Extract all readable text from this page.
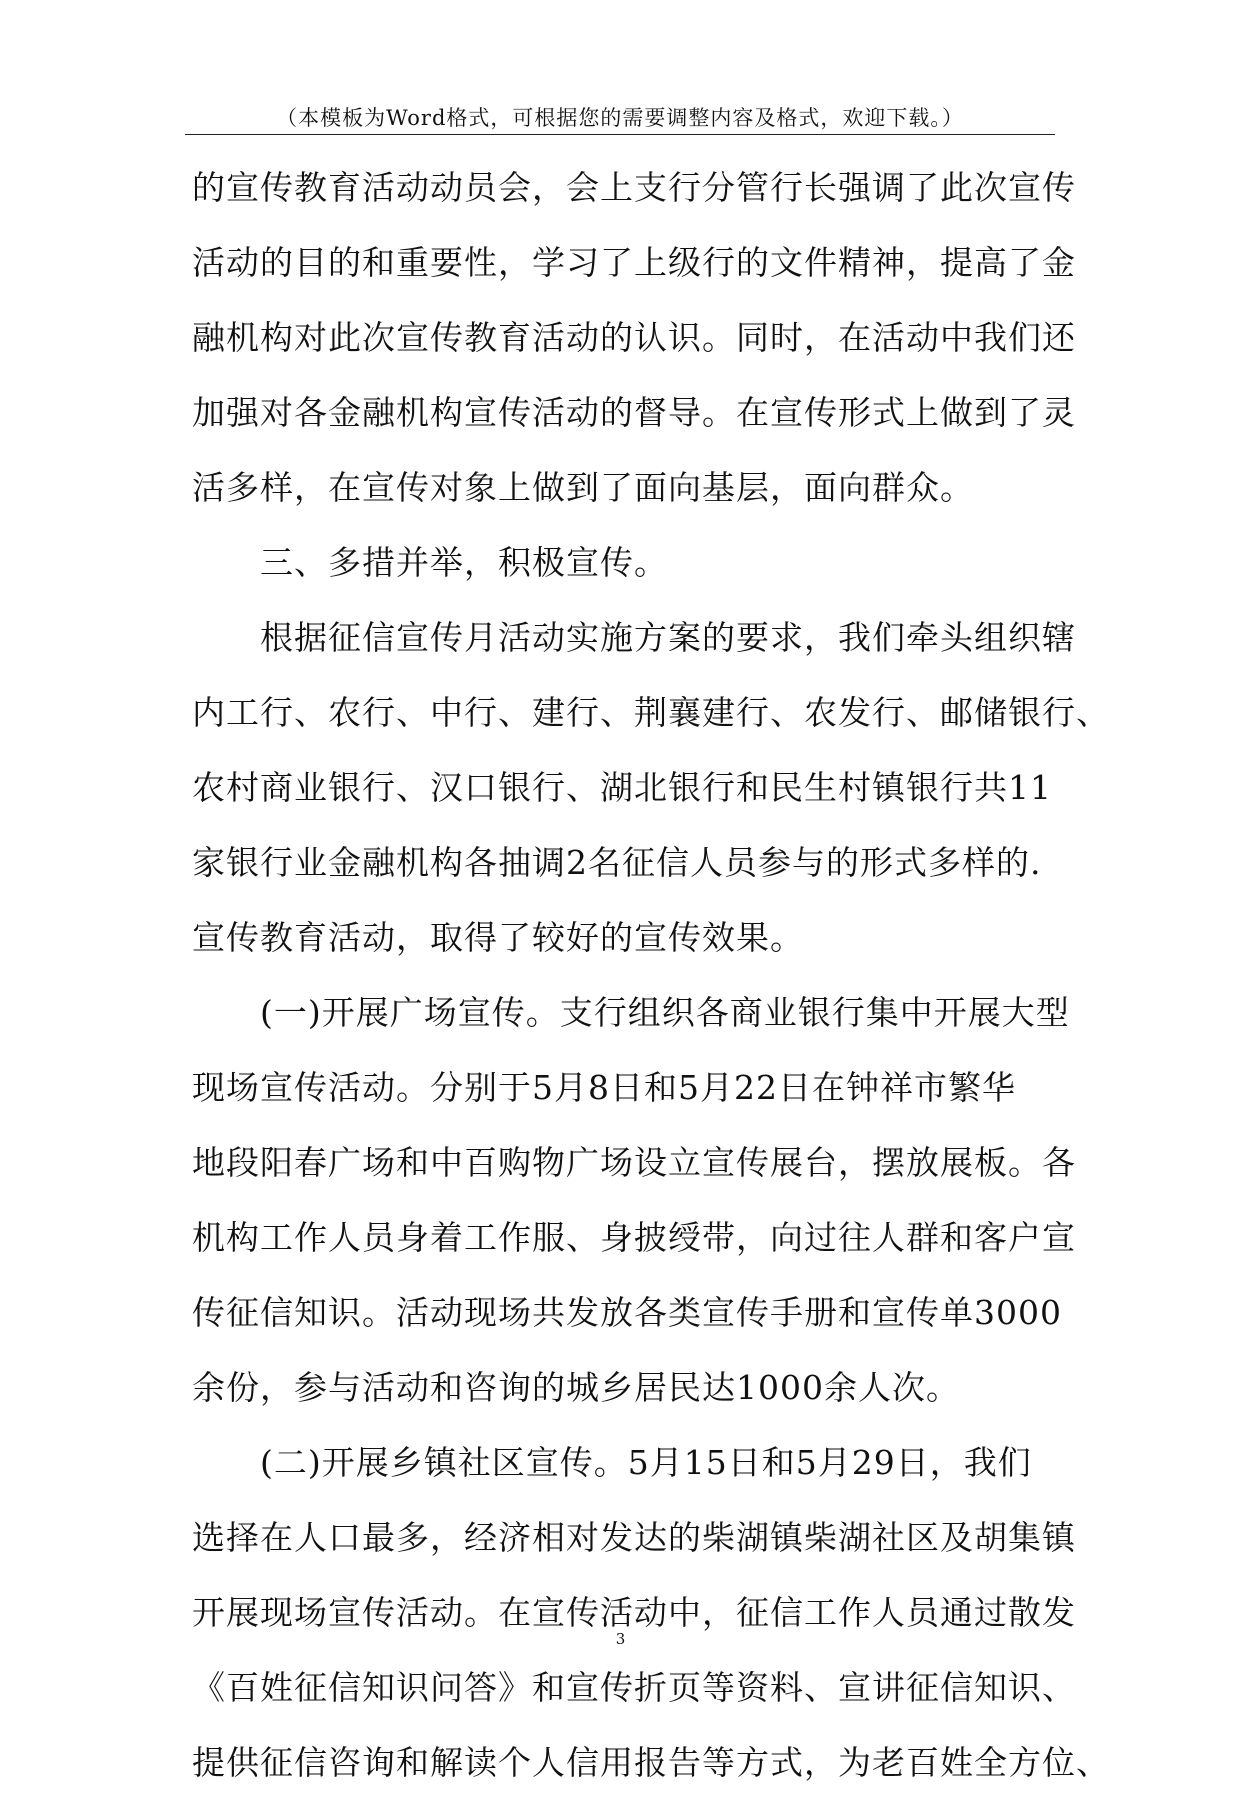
（本模板为Word格式，可根据您的需要调整内容及格式，欢迎下载。）
的宣传教育活动动员会，会上支行分管行长强调了此次宣传
活动的目的和重要性，学习了上级行的文件精神，提高了金
融机构对此次宣传教育活动的认识。同时，在活动中我们还
加强对各金融机构宣传活动的督导。在宣传形式上做到了灵
活多样，在宣传对象上做到了面向基层，面向群众。
三、多措并举，积极宣传。
根据征信宣传月活动实施方案的要求，我们牵头组织辖
内工行、农行、中行、建行、荆襄建行、农发行、邮储银行、
农村商业银行、汉口银行、湖北银行和民生村镇银行共11
家银行业金融机构各抽调2名征信人员参与的形式多样的.
宣传教育活动，取得了较好的宣传效果。
(一)开展广场宣传。支行组织各商业银行集中开展大型
现场宣传活动。分别于5月8日和5月22日在钟祥市繁华
地段阳春广场和中百购物广场设立宣传展台，摆放展板。各
机构工作人员身着工作服、身披绶带，向过往人群和客户宣
传征信知识。活动现场共发放各类宣传手册和宣传单3000
余份，参与活动和咨询的城乡居民达1000余人次。
(二)开展乡镇社区宣传。5月15日和5月29日，我们
选择在人口最多，经济相对发达的柴湖镇柴湖社区及胡集镇
开展现场宣传活动。在宣传活动中，征信工作人员通过散发
《百姓征信知识问答》和宣传折页等资料、宣讲征信知识、
提供征信咨询和解读个人信用报告等方式，为老百姓全方位、
3
